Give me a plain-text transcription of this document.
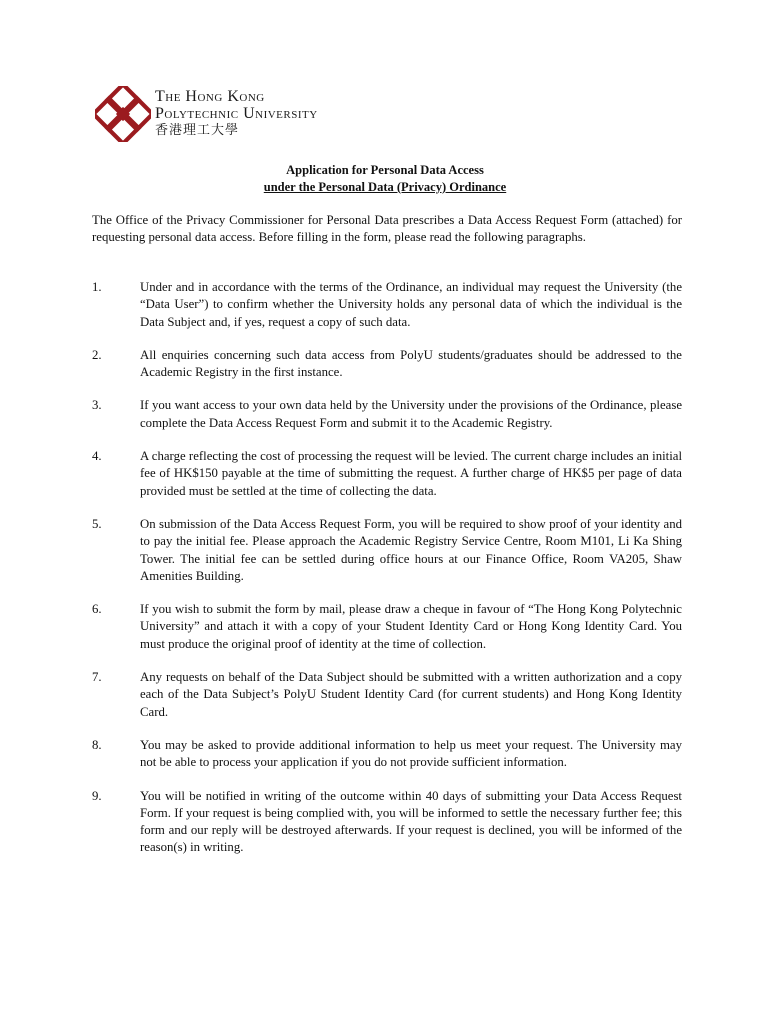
The Hong Kong
Polytechnic University
香港理工大學
Application for Personal Data Access
under the Personal Data (Privacy) Ordinance
The Office of the Privacy Commissioner for Personal Data prescribes a Data Access Request Form (attached) for requesting personal data access. Before filling in the form, please read the following paragraphs.
1.	Under and in accordance with the terms of the Ordinance, an individual may request the University (the “Data User”) to confirm whether the University holds any personal data of which the individual is the Data Subject and, if yes, request a copy of such data.
2.	All enquiries concerning such data access from PolyU students/graduates should be addressed to the Academic Registry in the first instance.
3.	If you want access to your own data held by the University under the provisions of the Ordinance, please complete the Data Access Request Form and submit it to the Academic Registry.
4.	A charge reflecting the cost of processing the request will be levied. The current charge includes an initial fee of HK$150 payable at the time of submitting the request. A further charge of HK$5 per page of data provided must be settled at the time of collecting the data.
5.	On submission of the Data Access Request Form, you will be required to show proof of your identity and to pay the initial fee. Please approach the Academic Registry Service Centre, Room M101, Li Ka Shing Tower. The initial fee can be settled during office hours at our Finance Office, Room VA205, Shaw Amenities Building.
6.	If you wish to submit the form by mail, please draw a cheque in favour of “The Hong Kong Polytechnic University” and attach it with a copy of your Student Identity Card or Hong Kong Identity Card. You must produce the original proof of identity at the time of collection.
7.	Any requests on behalf of the Data Subject should be submitted with a written authorization and a copy each of the Data Subject’s PolyU Student Identity Card (for current students) and Hong Kong Identity Card.
8.	You may be asked to provide additional information to help us meet your request. The University may not be able to process your application if you do not provide sufficient information.
9.	You will be notified in writing of the outcome within 40 days of submitting your Data Access Request Form. If your request is being complied with, you will be informed to settle the necessary further fee; this form and our reply will be destroyed afterwards. If your request is declined, you will be informed of the reason(s) in writing.
